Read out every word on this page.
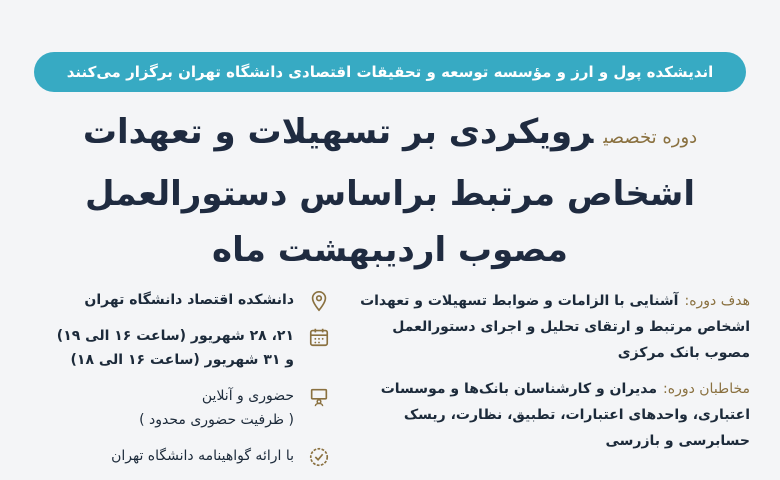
اندیشکده پول و ارز و مؤسسه توسعه و تحقیقات اقتصادی دانشگاه تهران برگزار می‌کنند
دوره تخصصیرویکردی بر تسهیلات و تعهدات
اشخاص مرتبط براساس دستورالعمل
مصوب اردیبهشت ماه
هدف دوره:آشنایی با الزامات و ضوابط تسهیلات و تعهدات
اشخاص مرتبط و ارتقای تحلیل و اجرای دستورالعمل
مصوب بانک مرکزی
مخاطبان دوره:مدیران و کارشناسان بانک‌ها و موسسات
اعتباری، واحدهای اعتبارات، تطبیق، نظارت، ریسک
حسابرسی و بازرسی
دانشکده اقتصاد دانشگاه تهران
۲۱، ۲۸ شهریور (ساعت ۱۶ الی ۱۹)
و ۳۱ شهریور (ساعت ۱۶ الی ۱۸)
حضوری و آنلاین
( ظرفیت حضوری محدود )
با ارائه گواهینامه دانشگاه تهران
